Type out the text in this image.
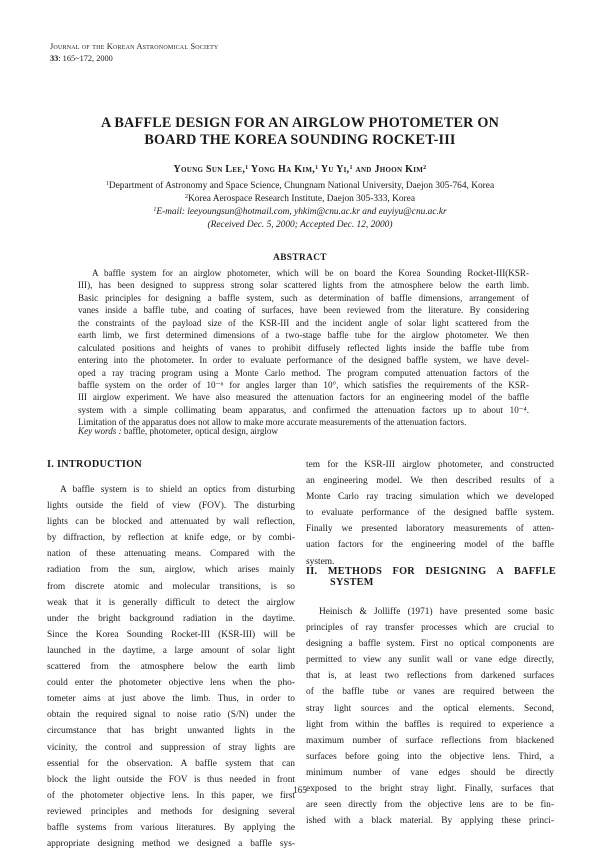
Journal of the Korean Astronomical Society
33: 165~172, 2000
A BAFFLE DESIGN FOR AN AIRGLOW PHOTOMETER ON
BOARD THE KOREA SOUNDING ROCKET-III
Young Sun Lee,$^1$ Yong Ha Kim,$^1$ Yu Yi,$^1$ and Jhoon Kim$^2$
$^1$Department of Astronomy and Space Science, Chungnam National University, Daejon 305-764, Korea
$^2$Korea Aerospace Research Institute, Daejon 305-333, Korea
$^1$E-mail: leeyoungsun@hotmail.com, yhkim@cnu.ac.kr and euyiyu@cnu.ac.kr
(Received Dec. 5, 2000; Accepted Dec. 12, 2000)
ABSTRACT
A baffle system for an airglow photometer, which will be on board the Korea Sounding Rocket-III(KSR-
III), has been designed to suppress strong solar scattered lights from the atmosphere below the earth limb.
Basic principles for designing a baffle system, such as determination of baffle dimensions, arrangement of
vanes inside a baffle tube, and coating of surfaces, have been reviewed from the literature. By considering
the constraints of the payload size of the KSR-III and the incident angle of solar light scattered from the
earth limb, we first determined dimensions of a two-stage baffle tube for the airglow photometer. We then
calculated positions and heights of vanes to prohibit diffusely reflected lights inside the baffle tube from
entering into the photometer. In order to evaluate performance of the designed baffle system, we have devel-
oped a ray tracing program using a Monte Carlo method. The program computed attenuation factors of the
baffle system on the order of 10⁻⁶ for angles larger than 10°, which satisfies the requirements of the KSR-
III airglow experiment. We have also measured the attenuation factors for an engineering model of the baffle
system with a simple collimating beam apparatus, and confirmed the attenuation factors up to about 10⁻⁴.
Limitation of the apparatus does not allow to make more accurate measurements of the attenuation factors.
Key words : baffle, photometer, optical design, airglow
I. INTRODUCTION
A baffle system is to shield an optics from disturbing
lights outside the field of view (FOV). The disturbing
lights can be blocked and attenuated by wall reflection,
by diffraction, by reflection at knife edge, or by combi-
nation of these attenuating means. Compared with the
radiation from the sun, airglow, which arises mainly
from discrete atomic and molecular transitions, is so
weak that it is generally difficult to detect the airglow
under the bright background radiation in the daytime.
Since the Korea Sounding Rocket-III (KSR-III) will be
launched in the daytime, a large amount of solar light
scattered from the atmosphere below the earth limb
could enter the photometer objective lens when the pho-
tometer aims at just above the limb. Thus, in order to
obtain the required signal to noise ratio (S/N) under the
circumstance that has bright unwanted lights in the
vicinity, the control and suppression of stray lights are
essential for the observation. A baffle system that can
block the light outside the FOV is thus needed in front
of the photometer objective lens. In this paper, we first
reviewed principles and methods for designing several
baffle systems from various literatures. By applying the
appropriate designing method we designed a baffle sys-
tem for the KSR-III airglow photometer, and constructed
an engineering model. We then described results of a
Monte Carlo ray tracing simulation which we developed
to evaluate performance of the designed baffle system.
Finally we presented laboratory measurements of atten-
uation factors for the engineering model of the baffle
system.
II. METHODS FOR DESIGNING A BAFFLE
SYSTEM
Heinisch & Jolliffe (1971) have presented some basic
principles of ray transfer processes which are crucial to
designing a baffle system. First no optical components are
permitted to view any sunlit wall or vane edge directly,
that is, at least two reflections from darkened surfaces
of the baffle tube or vanes are required between the
stray light sources and the optical elements. Second,
light from within the baffles is required to experience a
maximum number of surface reflections from blackened
surfaces before going into the objective lens. Third, a
minimum number of vane edges should be directly
exposed to the bright stray light. Finally, surfaces that
are seen directly from the objective lens are to be fin-
ished with a black material. By applying these princi-
165
